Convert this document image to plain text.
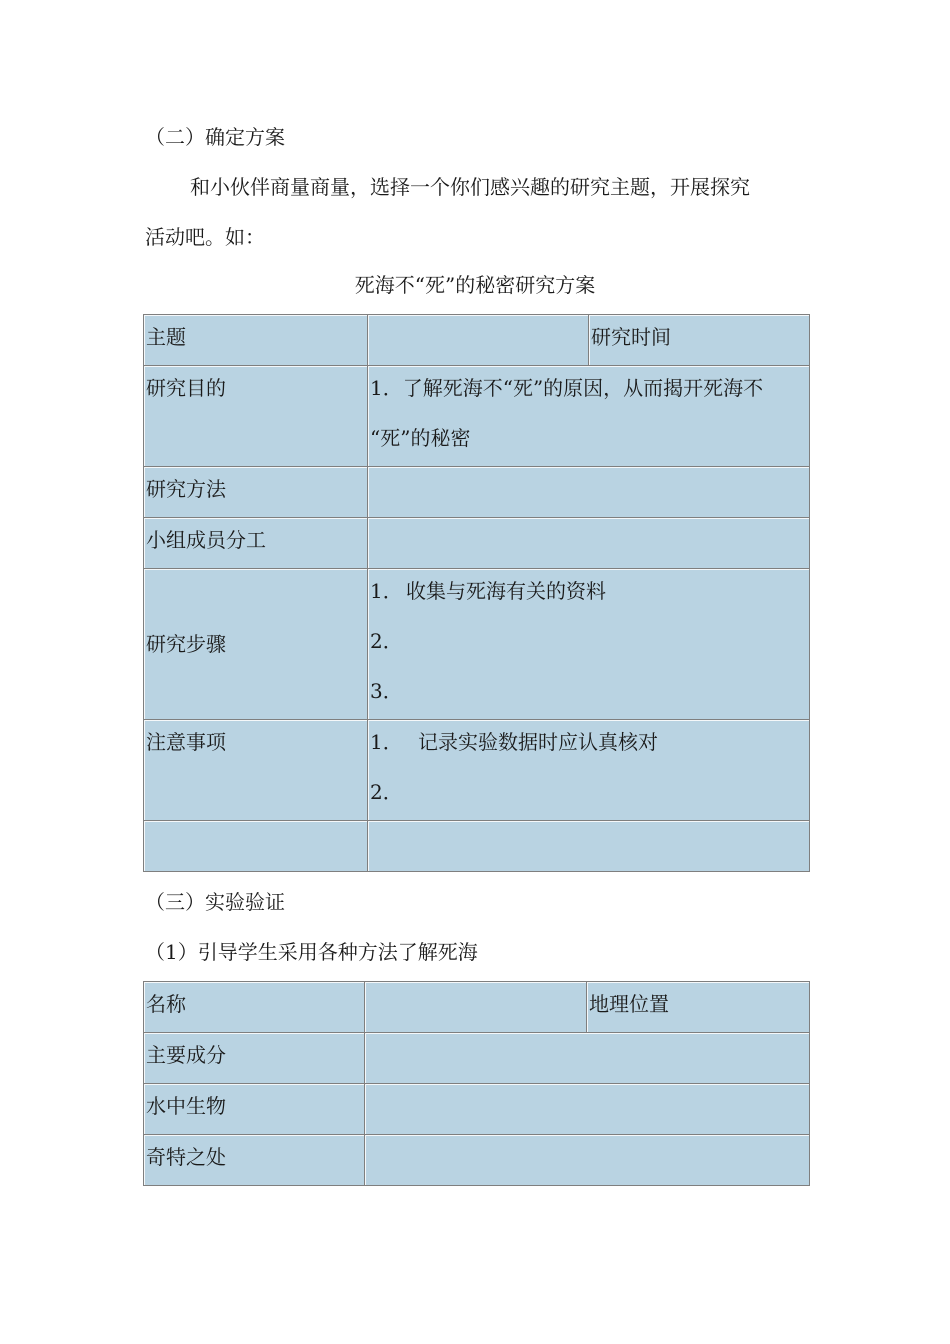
（二）确定方案
和小伙伴商量商量，选择一个你们感兴趣的研究主题，开展探究
活动吧。如：
死海不“死”的秘密研究方案
主题		研究时间

研究目的	1．了解死海不“死”的原因，从而揭开死海不
“死”的秘密	

研究方法		

小组成员分工		

研究步骤	1． 收集与死海有关的资料
2．
3．	

注意事项	1． 记录实验数据时应认真核对
2．	

（三）实验验证
（1）引导学生采用各种方法了解死海
名称		地理位置

主要成分		

水中生物		

奇特之处		
